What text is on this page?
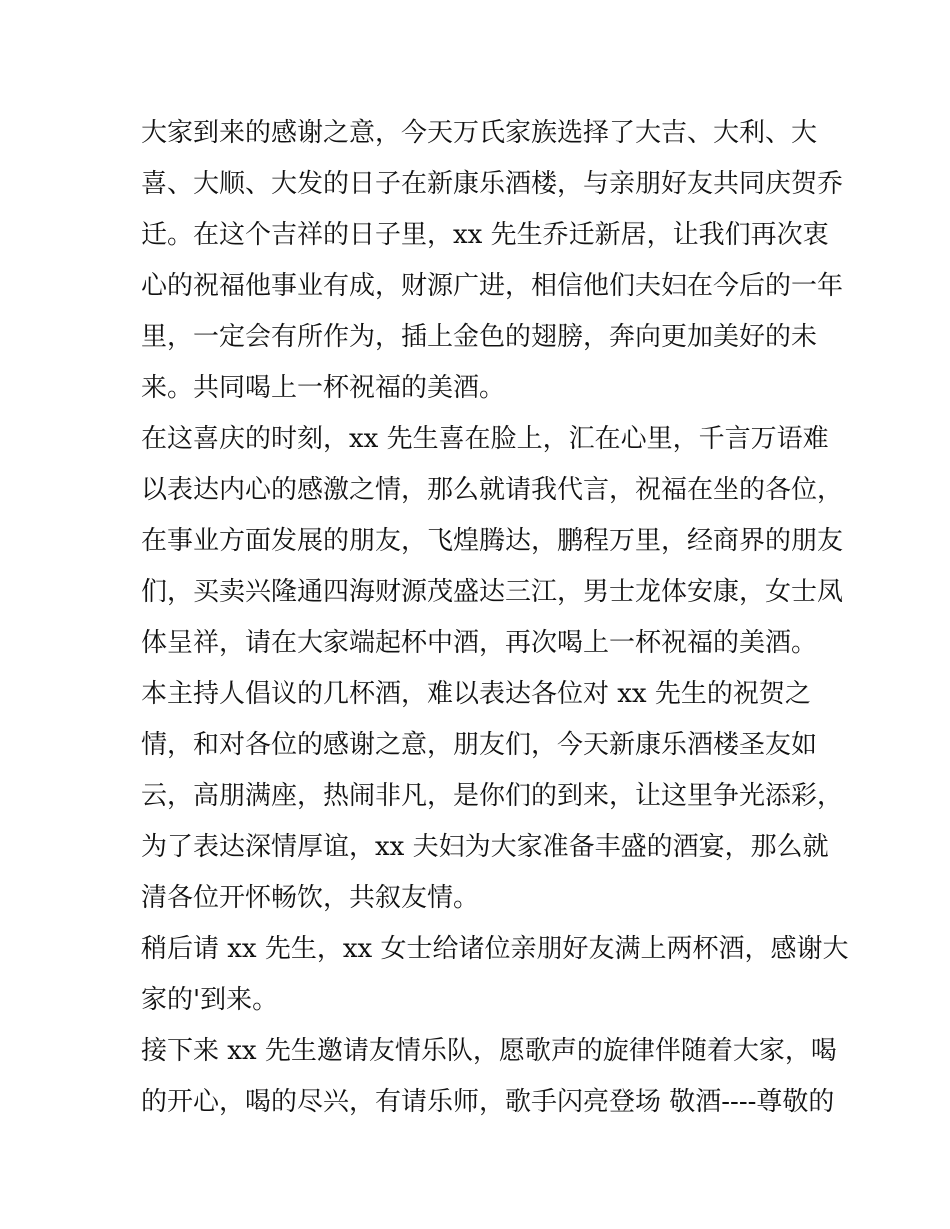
大家到来的感谢之意，今天万氏家族选择了大吉、大利、大
喜、大顺、大发的日子在新康乐酒楼，与亲朋好友共同庆贺乔
迁。在这个吉祥的日子里，xx 先生乔迁新居，让我们再次衷
心的祝福他事业有成，财源广进，相信他们夫妇在今后的一年
里，一定会有所作为，插上金色的翅膀，奔向更加美好的未
来。共同喝上一杯祝福的美酒。
在这喜庆的时刻，xx 先生喜在脸上，汇在心里，千言万语难
以表达内心的感激之情，那么就请我代言，祝福在坐的各位，
在事业方面发展的朋友，飞煌腾达，鹏程万里，经商界的朋友
们，买卖兴隆通四海财源茂盛达三江，男士龙体安康，女士凤
体呈祥，请在大家端起杯中酒，再次喝上一杯祝福的美酒。
本主持人倡议的几杯酒，难以表达各位对 xx 先生的祝贺之
情，和对各位的感谢之意，朋友们，今天新康乐酒楼圣友如
云，高朋满座，热闹非凡，是你们的到来，让这里争光添彩，
为了表达深情厚谊，xx 夫妇为大家准备丰盛的酒宴，那么就
清各位开怀畅饮，共叙友情。
稍后请 xx 先生，xx 女士给诸位亲朋好友满上两杯酒，感谢大
家的'到来。
接下来 xx 先生邀请友情乐队，愿歌声的旋律伴随着大家，喝
的开心，喝的尽兴，有请乐师，歌手闪亮登场 敬酒----尊敬的
